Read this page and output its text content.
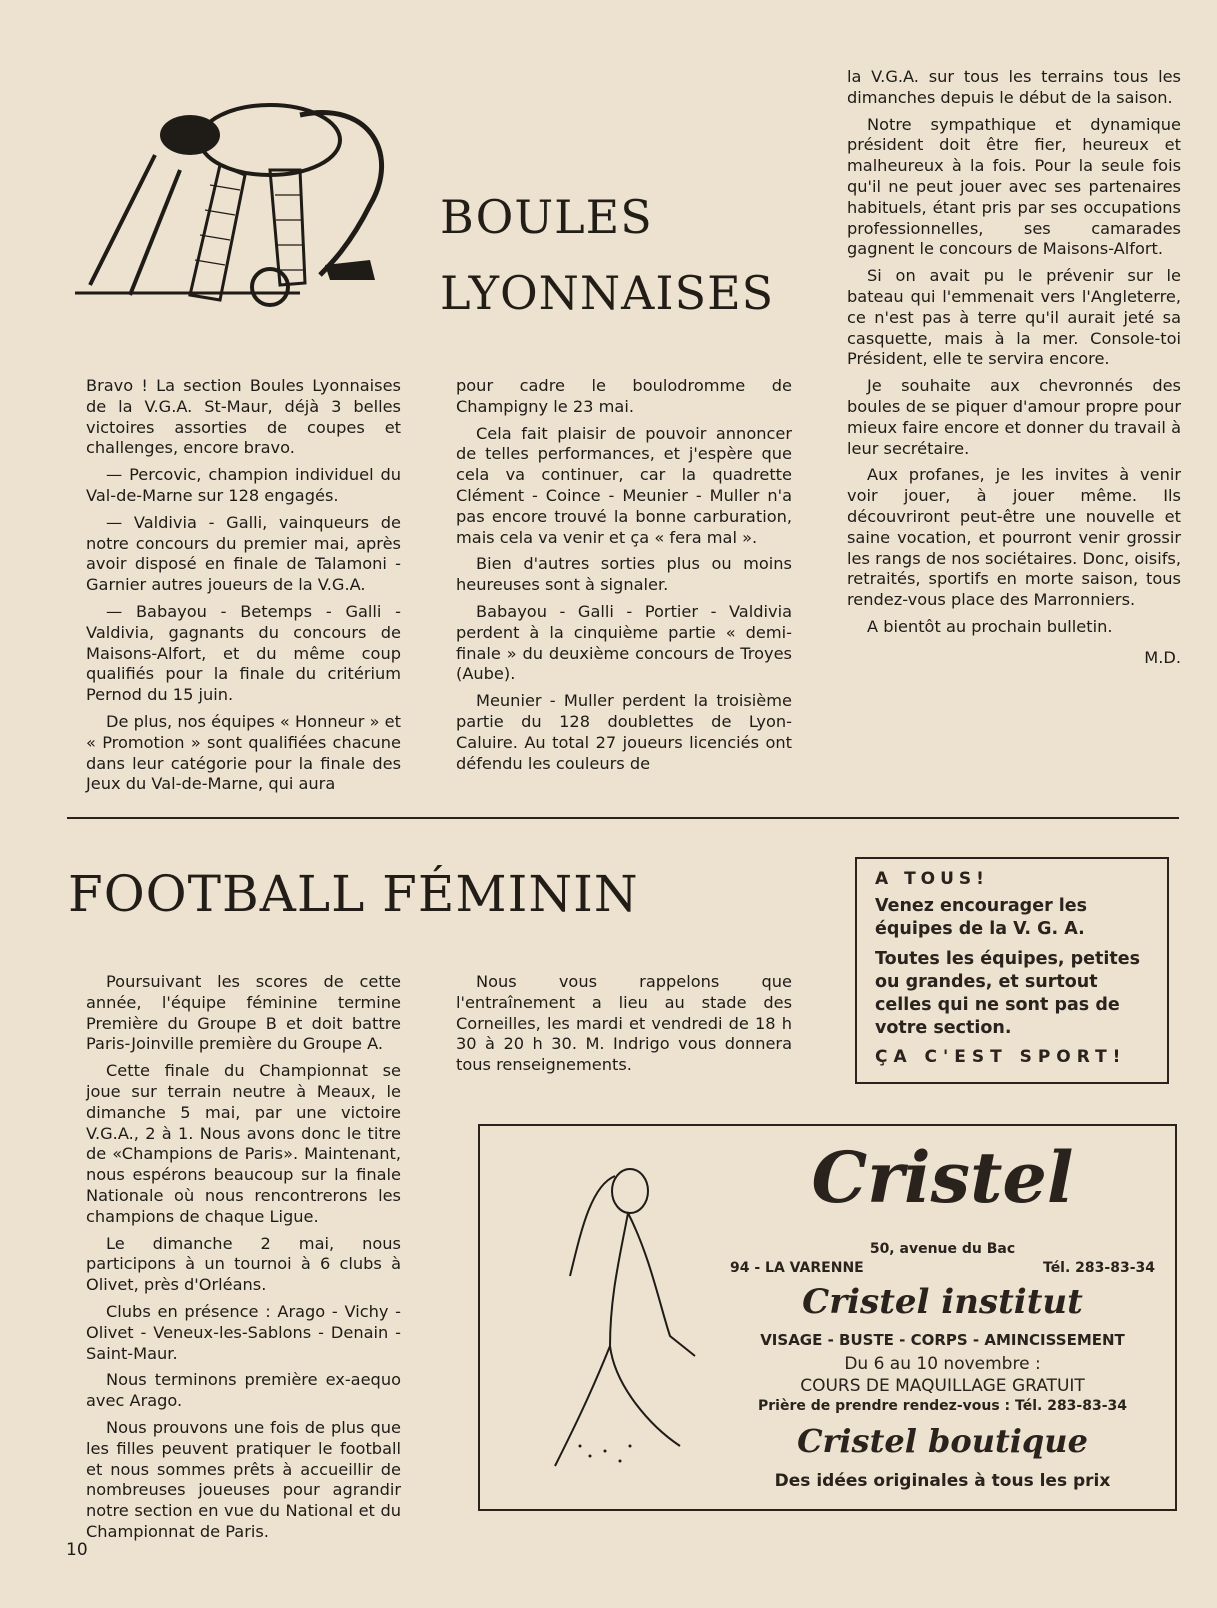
BOULES
LYONNAISES

Bravo ! La section Boules Lyonnaises de la V.G.A. St-Maur, déjà 3 belles victoires assorties de coupes et challenges, encore bravo.

— Percovic, champion individuel du Val-de-Marne sur 128 engagés.

— Valdivia - Galli, vainqueurs de notre concours du premier mai, après avoir disposé en finale de Talamoni - Garnier autres joueurs de la V.G.A.

— Babayou - Betemps - Galli - Valdivia, gagnants du concours de Maisons-Alfort, et du même coup qualifiés pour la finale du critérium Pernod du 15 juin.

De plus, nos équipes « Honneur » et « Promotion » sont qualifiées chacune dans leur catégorie pour la finale des Jeux du Val-de-Marne, qui aura

pour cadre le boulodromme de Champigny le 23 mai.

Cela fait plaisir de pouvoir annoncer de telles performances, et j'espère que cela va continuer, car la quadrette Clément - Coince - Meunier - Muller n'a pas encore trouvé la bonne carburation, mais cela va venir et ça « fera mal ».

Bien d'autres sorties plus ou moins heureuses sont à signaler.

Babayou - Galli - Portier - Valdivia perdent à la cinquième partie « demi-finale » du deuxième concours de Troyes (Aube).

Meunier - Muller perdent la troisième partie du 128 doublettes de Lyon-Caluire. Au total 27 joueurs licenciés ont défendu les couleurs de

la V.G.A. sur tous les terrains tous les dimanches depuis le début de la saison.

Notre sympathique et dynamique président doit être fier, heureux et malheureux à la fois. Pour la seule fois qu'il ne peut jouer avec ses partenaires habituels, étant pris par ses occupations professionnelles, ses camarades gagnent le concours de Maisons-Alfort.

Si on avait pu le prévenir sur le bateau qui l'emmenait vers l'Angleterre, ce n'est pas à terre qu'il aurait jeté sa casquette, mais à la mer. Console-toi Président, elle te servira encore.

Je souhaite aux chevronnés des boules de se piquer d'amour propre pour mieux faire encore et donner du travail à leur secrétaire.

Aux profanes, je les invites à venir voir jouer, à jouer même. Ils découvriront peut-être une nouvelle et saine vocation, et pourront venir grossir les rangs de nos sociétaires. Donc, oisifs, retraités, sportifs en morte saison, tous rendez-vous place des Marronniers.

A bientôt au prochain bulletin.

M.D.

FOOTBALL FÉMININ

Poursuivant les scores de cette année, l'équipe féminine termine Première du Groupe B et doit battre Paris-Joinville première du Groupe A.

Cette finale du Championnat se joue sur terrain neutre à Meaux, le dimanche 5 mai, par une victoire V.G.A., 2 à 1. Nous avons donc le titre de «Champions de Paris». Maintenant, nous espérons beaucoup sur la finale Nationale où nous rencontrerons les champions de chaque Ligue.

Le dimanche 2 mai, nous participons à un tournoi à 6 clubs à Olivet, près d'Orléans.

Clubs en présence : Arago - Vichy - Olivet - Veneux-les-Sablons - Denain - Saint-Maur.

Nous terminons première ex-aequo avec Arago.

Nous prouvons une fois de plus que les filles peuvent pratiquer le football et nous sommes prêts à accueillir de nombreuses joueuses pour agrandir notre section en vue du National et du Championnat de Paris.

Nous vous rappelons que l'entraînement a lieu au stade des Corneilles, les mardi et vendredi de 18 h 30 à 20 h 30. M. Indrigo vous donnera tous renseignements.

A TOUS!
Venez encourager les équipes de la V. G. A.
Toutes les équipes, petites ou grandes, et surtout celles qui ne sont pas de votre section.
ÇA C'EST SPORT!
Cristel
50, avenue du Bac
94 - LA VARENNE	Tél. 283-83-34
Cristel institut
VISAGE - BUSTE - CORPS - AMINCISSEMENT
Du 6 au 10 novembre :
COURS DE MAQUILLAGE GRATUIT
Prière de prendre rendez-vous : Tél. 283-83-34
Cristel boutique
Des idées originales à tous les prix
10
